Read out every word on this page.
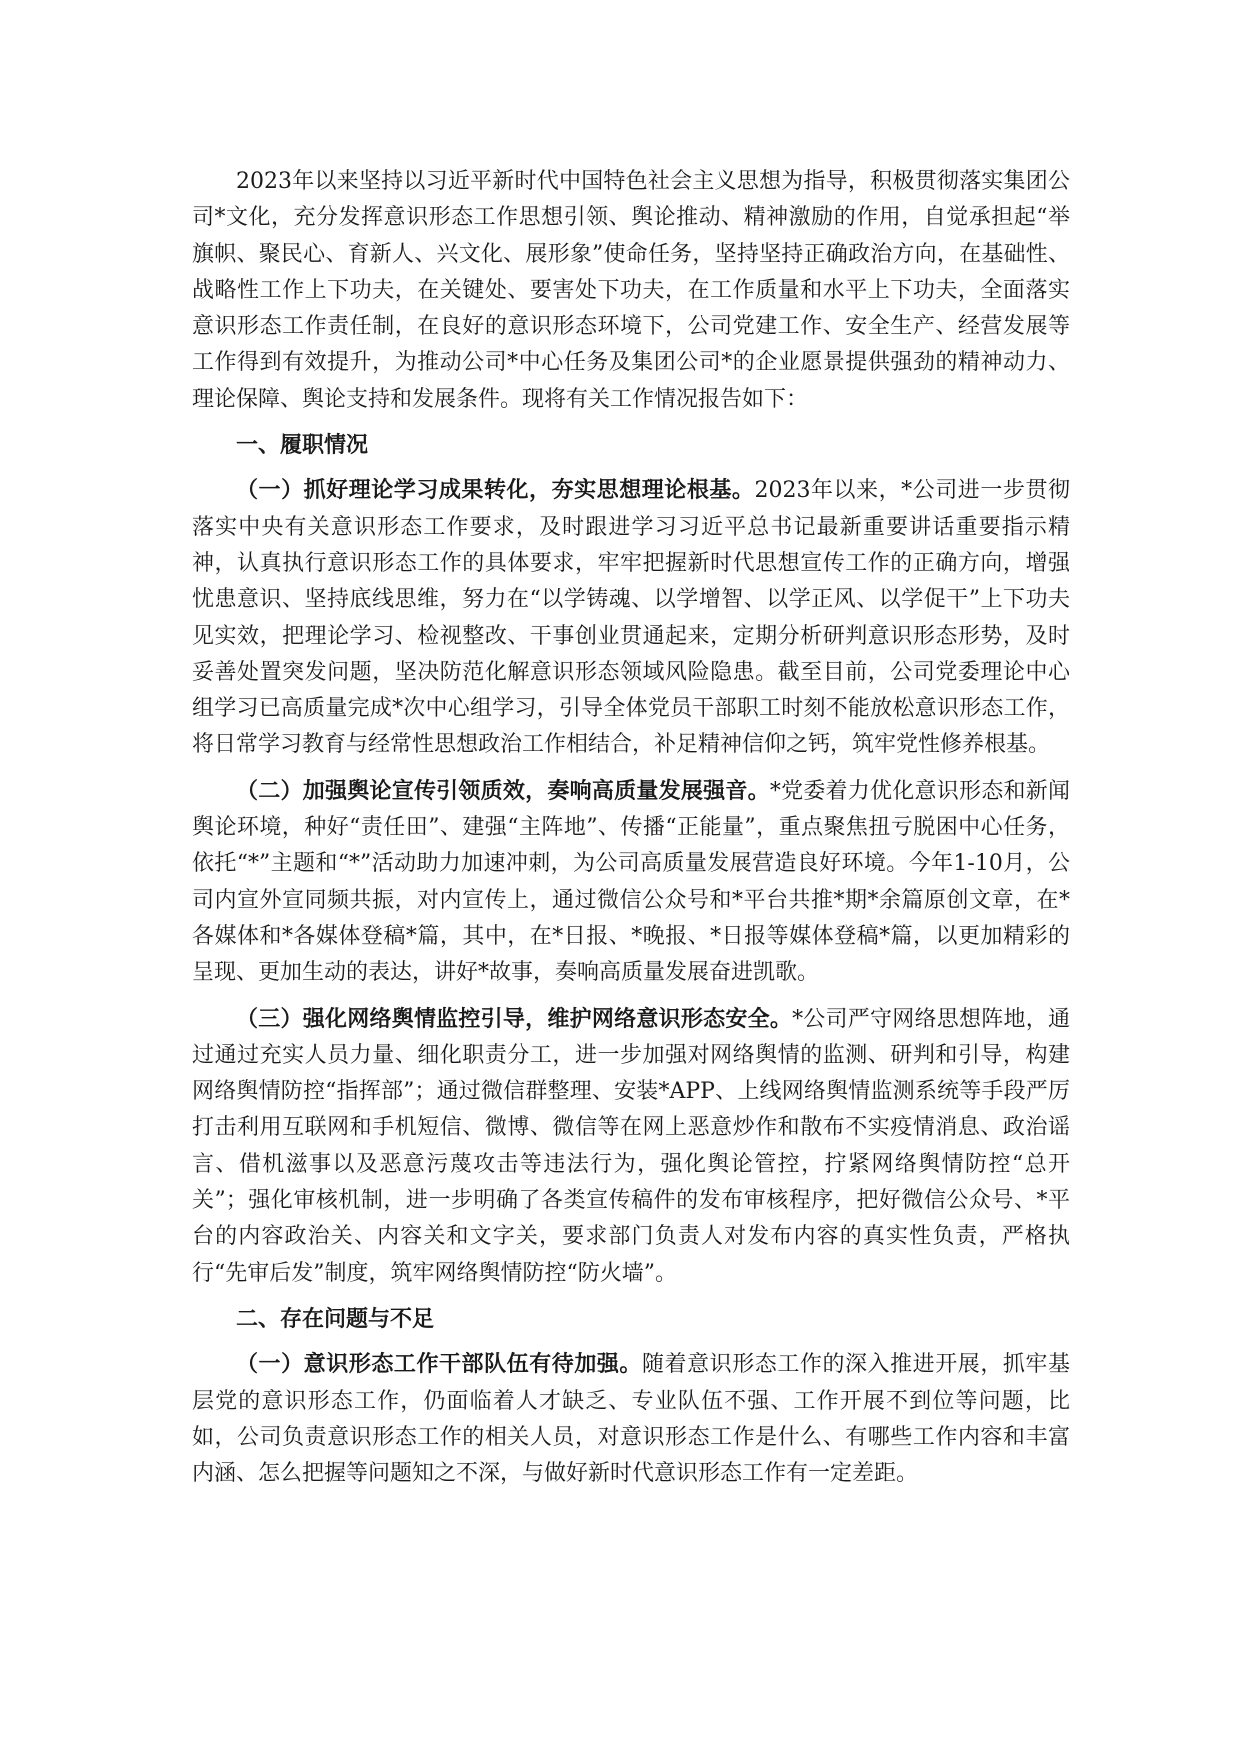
2023年以来坚持以习近平新时代中国特色社会主义思想为指导，积极贯彻落实集团公司*文化，充分发挥意识形态工作思想引领、舆论推动、精神激励的作用，自觉承担起“举旗帜、聚民心、育新人、兴文化、展形象”使命任务，坚持坚持正确政治方向，在基础性、战略性工作上下功夫，在关键处、要害处下功夫，在工作质量和水平上下功夫，全面落实意识形态工作责任制，在良好的意识形态环境下，公司党建工作、安全生产、经营发展等工作得到有效提升，为推动公司*中心任务及集团公司*的企业愿景提供强劲的精神动力、理论保障、舆论支持和发展条件。现将有关工作情况报告如下：

一、履职情况

（一）抓好理论学习成果转化，夯实思想理论根基。2023年以来，*公司进一步贯彻落实中央有关意识形态工作要求，及时跟进学习习近平总书记最新重要讲话重要指示精神，认真执行意识形态工作的具体要求，牢牢把握新时代思想宣传工作的正确方向，增强忧患意识、坚持底线思维，努力在“以学铸魂、以学增智、以学正风、以学促干”上下功夫见实效，把理论学习、检视整改、干事创业贯通起来，定期分析研判意识形态形势，及时妥善处置突发问题，坚决防范化解意识形态领域风险隐患。截至目前，公司党委理论中心组学习已高质量完成*次中心组学习，引导全体党员干部职工时刻不能放松意识形态工作，将日常学习教育与经常性思想政治工作相结合，补足精神信仰之钙，筑牢党性修养根基。

（二）加强舆论宣传引领质效，奏响高质量发展强音。*党委着力优化意识形态和新闻舆论环境，种好“责任田”、建强“主阵地”、传播“正能量”，重点聚焦扭亏脱困中心任务，依托“*”主题和“*”活动助力加速冲刺，为公司高质量发展营造良好环境。今年1-10月，公司内宣外宣同频共振，对内宣传上，通过微信公众号和*平台共推*期*余篇原创文章，在*各媒体和*各媒体登稿*篇，其中，在*日报、*晚报、*日报等媒体登稿*篇，以更加精彩的呈现、更加生动的表达，讲好*故事，奏响高质量发展奋进凯歌。

（三）强化网络舆情监控引导，维护网络意识形态安全。*公司严守网络思想阵地，通过通过充实人员力量、细化职责分工，进一步加强对网络舆情的监测、研判和引导，构建网络舆情防控“指挥部”；通过微信群整理、安装*APP、上线网络舆情监测系统等手段严厉打击利用互联网和手机短信、微博、微信等在网上恶意炒作和散布不实疫情消息、政治谣言、借机滋事以及恶意污蔑攻击等违法行为，强化舆论管控，拧紧网络舆情防控“总开关”；强化审核机制，进一步明确了各类宣传稿件的发布审核程序，把好微信公众号、*平台的内容政治关、内容关和文字关，要求部门负责人对发布内容的真实性负责，严格执行“先审后发”制度，筑牢网络舆情防控“防火墙”。

二、存在问题与不足

（一）意识形态工作干部队伍有待加强。随着意识形态工作的深入推进开展，抓牢基层党的意识形态工作，仍面临着人才缺乏、专业队伍不强、工作开展不到位等问题，比如，公司负责意识形态工作的相关人员，对意识形态工作是什么、有哪些工作内容和丰富内涵、怎么把握等问题知之不深，与做好新时代意识形态工作有一定差距。
